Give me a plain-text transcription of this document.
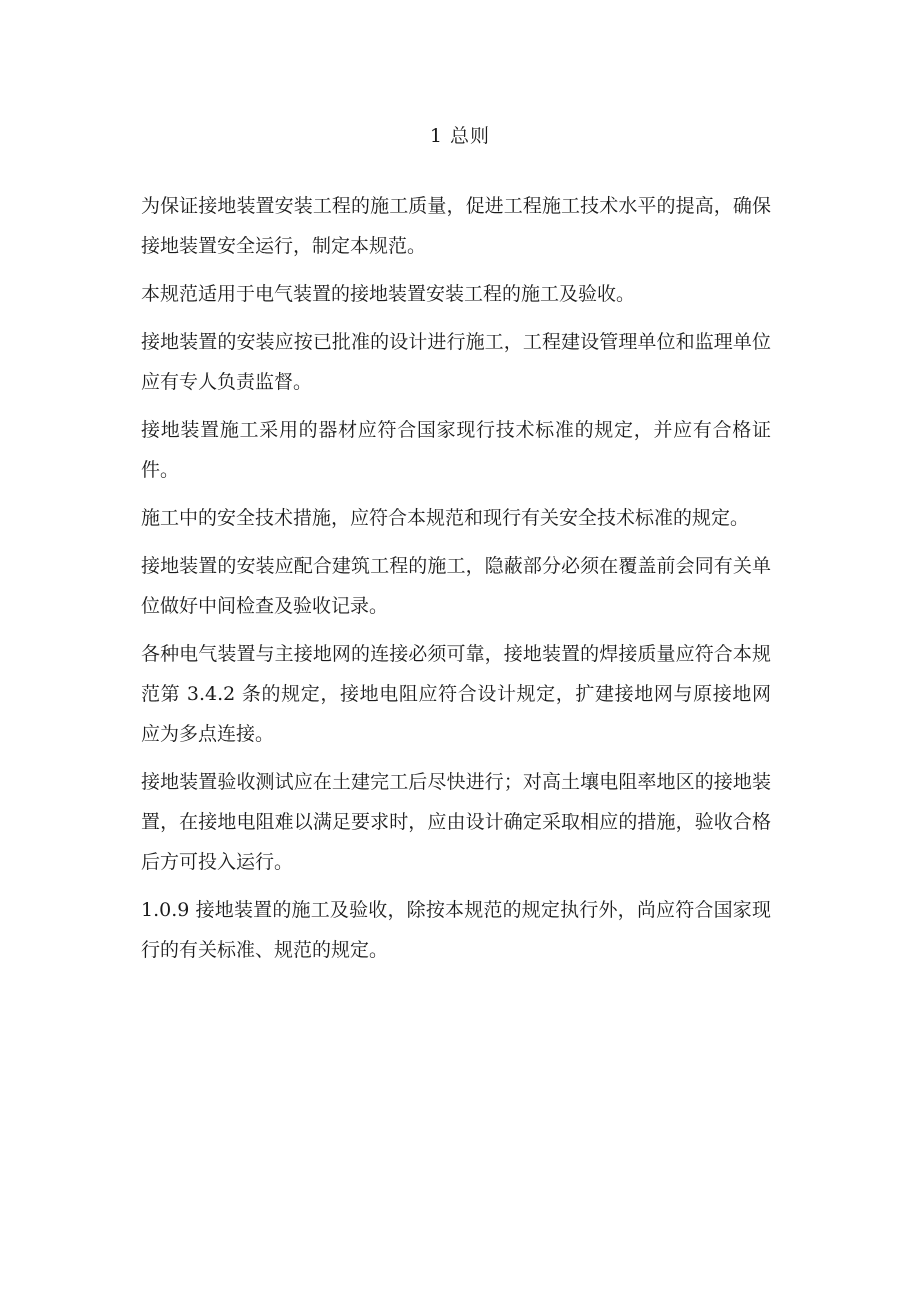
1 总则

为保证接地装置安装工程的施工质量，促进工程施工技术水平的提高，确保接地装置安全运行，制定本规范。

本规范适用于电气装置的接地装置安装工程的施工及验收。

接地装置的安装应按已批准的设计进行施工，工程建设管理单位和监理单位应有专人负责监督。

接地装置施工采用的器材应符合国家现行技术标准的规定，并应有合格证件。

施工中的安全技术措施，应符合本规范和现行有关安全技术标准的规定。

接地装置的安装应配合建筑工程的施工，隐蔽部分必须在覆盖前会同有关单位做好中间检查及验收记录。

各种电气装置与主接地网的连接必须可靠，接地装置的焊接质量应符合本规范第 3.4.2 条的规定，接地电阻应符合设计规定，扩建接地网与原接地网应为多点连接。

接地装置验收测试应在土建完工后尽快进行；对高土壤电阻率地区的接地装置，在接地电阻难以满足要求时，应由设计确定采取相应的措施，验收合格后方可投入运行。

1.0.9 接地装置的施工及验收，除按本规范的规定执行外，尚应符合国家现行的有关标准、规范的规定。
